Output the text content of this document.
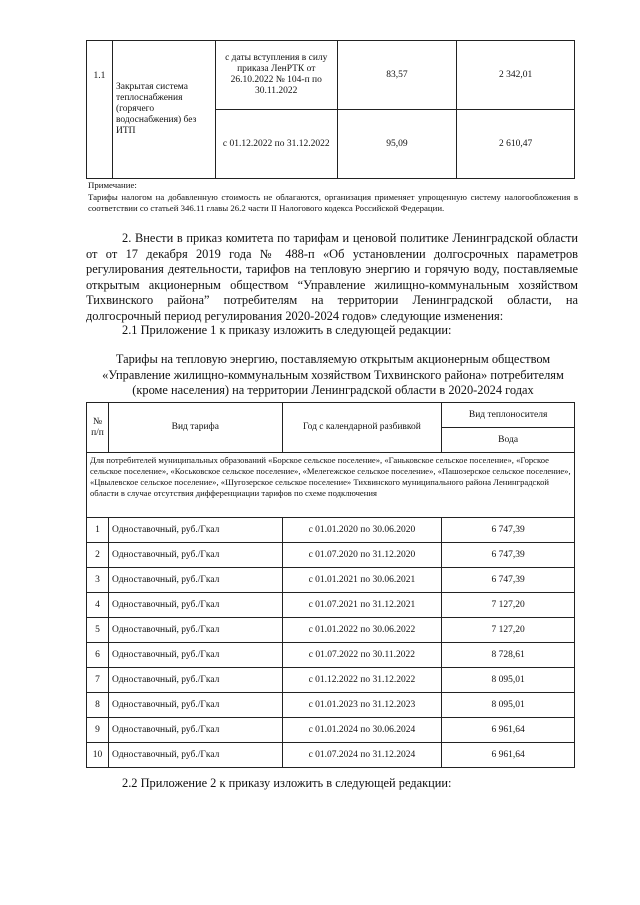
1.1	Закрытая система теплоснабжения (горячего водоснабжения) без ИТП	с даты вступления в силу приказа ЛенРТК от 26.10.2022 № 104-п по 30.11.2022	83,57	2 342,01
		с 01.12.2022 по 31.12.2022	95,09	2 610,47
Примечание:
Тарифы налогом на добавленную стоимость не облагаются, организация применяет упрощенную систему налогообложения в соответствии со статьей 346.11 главы 26.2 части II Налогового кодекса Российской Федерации.
2. Внести в приказ комитета по тарифам и ценовой политике Ленинградской области от от 17 декабря 2019 года № 488-п «Об установлении долгосрочных параметров регулирования деятельности, тарифов на тепловую энергию и горячую воду, поставляемые открытым акционерным обществом “Управление жилищно-коммунальным хозяйством Тихвинского района” потребителям на территории Ленинградской области, на долгосрочный период регулирования 2020-2024 годов» следующие изменения:
2.1 Приложение 1 к приказу изложить в следующей редакции:
Тарифы на тепловую энергию, поставляемую открытым акционерным обществом «Управление жилищно-коммунальным хозяйством Тихвинского района» потребителям (кроме населения) на территории Ленинградской области в 2020-2024 годах
№ п/п	Вид тарифа	Год с календарной разбивкой	Вид теплоносителя
			Вода
Для потребителей муниципальных образований «Борское сельское поселение», «Ганьковское сельское поселение», «Горское сельское поселение», «Коськовское сельское поселение», «Мелегежское сельское поселение», «Пашозерское сельское поселение», «Цвылевское сельское поселение», «Шугозерское сельское поселение» Тихвинского муниципального района Ленинградской области в случае отсутствия дифференциации тарифов по схеме подключения			
1	Одноставочный, руб./Гкал	с 01.01.2020 по 30.06.2020	6 747,39
2	Одноставочный, руб./Гкал	с 01.07.2020 по 31.12.2020	6 747,39
3	Одноставочный, руб./Гкал	с 01.01.2021 по 30.06.2021	6 747,39
4	Одноставочный, руб./Гкал	с 01.07.2021 по 31.12.2021	7 127,20
5	Одноставочный, руб./Гкал	с 01.01.2022 по 30.06.2022	7 127,20
6	Одноставочный, руб./Гкал	с 01.07.2022 по 30.11.2022	8 728,61
7	Одноставочный, руб./Гкал	с 01.12.2022 по 31.12.2022	8 095,01
8	Одноставочный, руб./Гкал	с 01.01.2023 по 31.12.2023	8 095,01
9	Одноставочный, руб./Гкал	с 01.01.2024 по 30.06.2024	6 961,64
10	Одноставочный, руб./Гкал	с 01.07.2024 по 31.12.2024	6 961,64
2.2 Приложение 2 к приказу изложить в следующей редакции:
